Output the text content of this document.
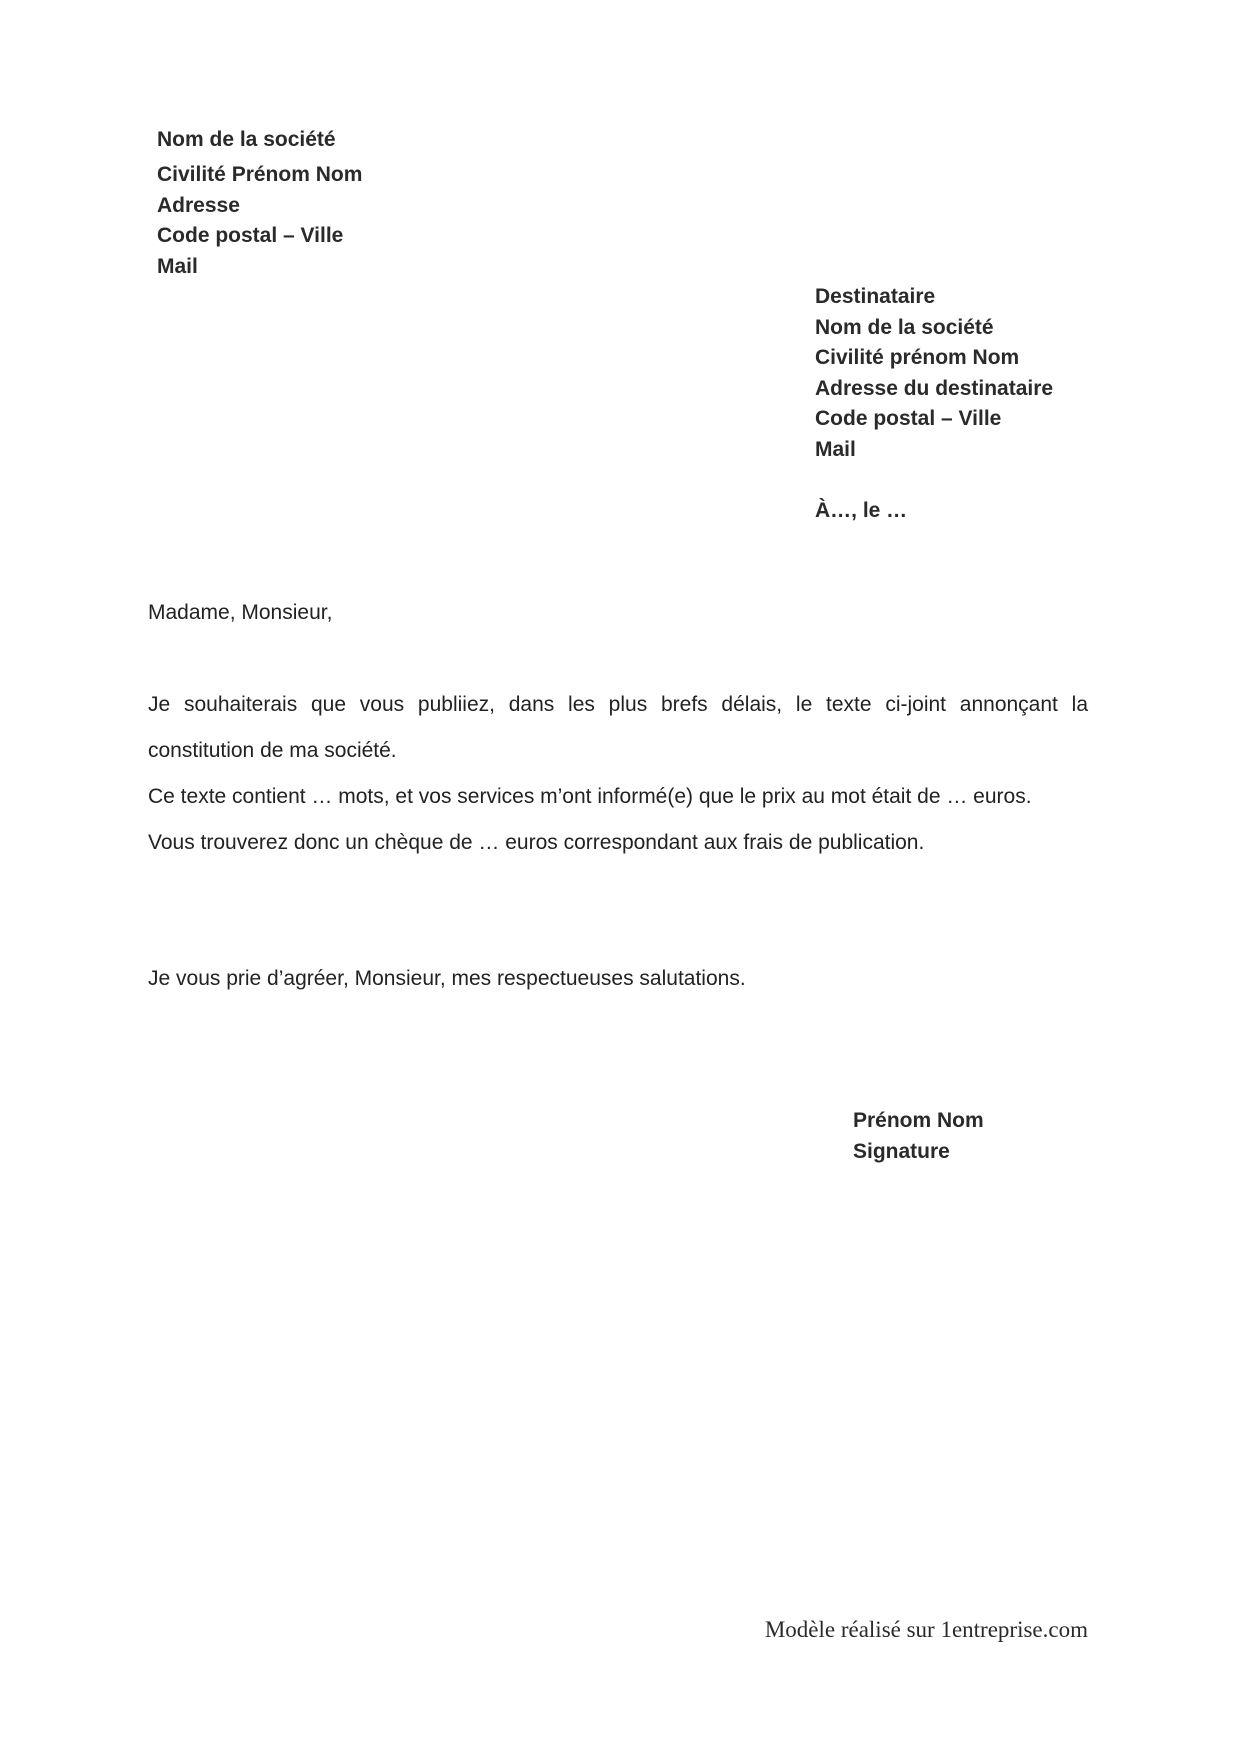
Nom de la société
Civilité Prénom Nom
Adresse
Code postal – Ville
Mail
Destinataire
Nom de la société
Civilité prénom Nom
Adresse du destinataire
Code postal – Ville
Mail
À…, le …
Madame, Monsieur,

Je souhaiterais que vous publiiez, dans les plus brefs délais, le texte ci-joint annonçant la constitution de ma société.

Ce texte contient … mots, et vos services m’ont informé(e) que le prix au mot était de … euros.

Vous trouverez donc un chèque de … euros correspondant aux frais de publication.

Je vous prie d’agréer, Monsieur, mes respectueuses salutations.
Prénom Nom
Signature
Modèle réalisé sur 1entreprise.com
